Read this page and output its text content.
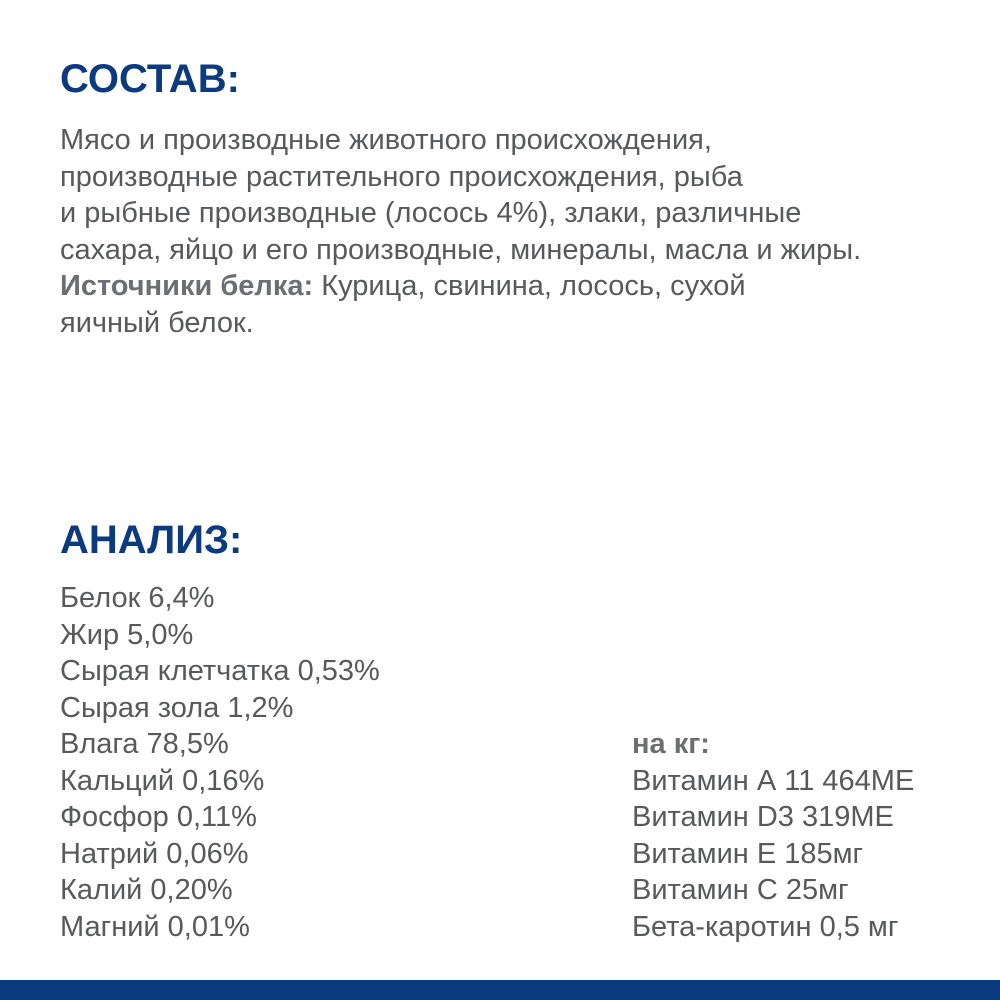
СОСТАВ:

Мясо и производные животного происхождения,
производные растительного происхождения, рыба
и рыбные производные (лосось 4%), злаки, различные
сахара, яйцо и его производные, минералы, масла и жиры.
Источники белка: Курица, свинина, лосось, сухой
яичный белок.

АНАЛИЗ:
Белок 6,4%
Жир 5,0%
Сырая клетчатка 0,53%
Сырая зола 1,2%
Влага 78,5%
Кальций 0,16%
Фосфор 0,11%
Натрий 0,06%
Калий 0,20%
Магний 0,01%
на кг:
Витамин А 11 464МЕ
Витамин D3 319МЕ
Витамин Е 185мг
Витамин С 25мг
Бета-каротин 0,5 мг
